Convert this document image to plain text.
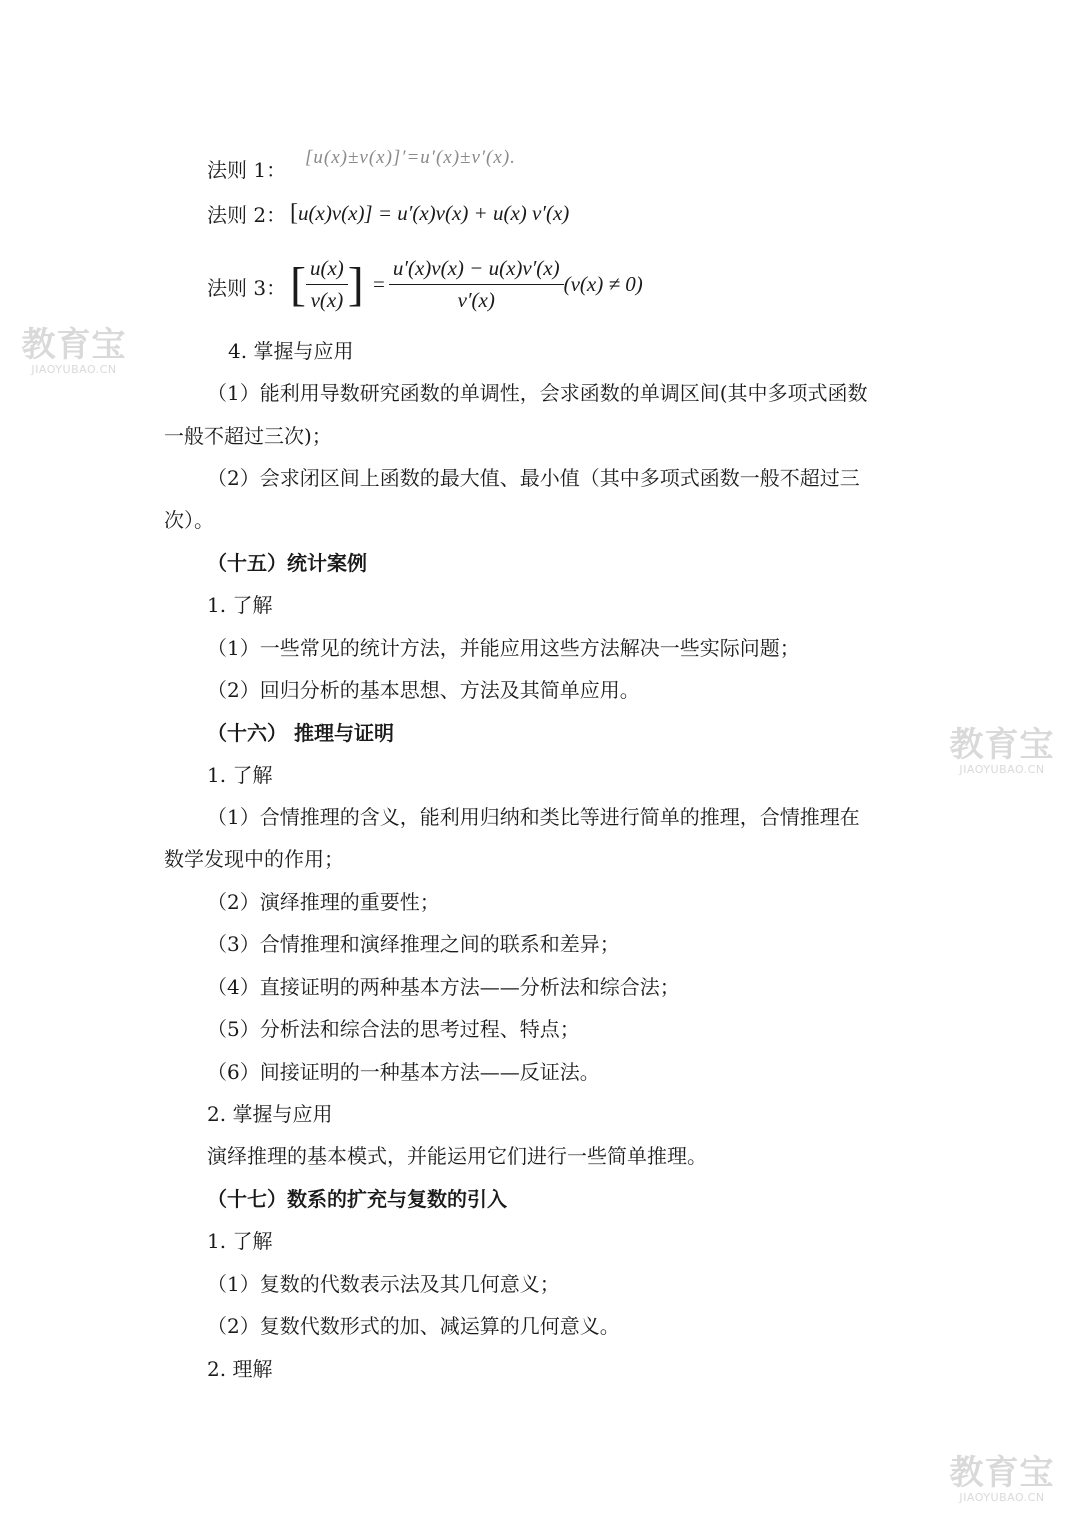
法则 1：
[u(x)±v(x)]′=u′(x)±v′(x).
法则 2： [u(x)v(x)] = u′(x)v(x) + u(x) v′(x)
法则 3： [ $\frac{u(x)}{v(x)}$ ] = $\frac{u'(x)v(x) - u(x)v'(x)}{v'(x)} (v(x) \ne 0)$
4. 掌握与应用
（1）能利用导数研究函数的单调性，会求函数的单调区间(其中多项式函数
一般不超过三次)；
（2）会求闭区间上函数的最大值、最小值（其中多项式函数一般不超过三
次）。
（十五）统计案例
1. 了解
（1）一些常见的统计方法，并能应用这些方法解决一些实际问题；
（2）回归分析的基本思想、方法及其简单应用。
（十六） 推理与证明
1. 了解
（1）合情推理的含义，能利用归纳和类比等进行简单的推理，合情推理在
数学发现中的作用；
（2）演绎推理的重要性；
（3）合情推理和演绎推理之间的联系和差异；
（4）直接证明的两种基本方法——分析法和综合法；
（5）分析法和综合法的思考过程、特点；
（6）间接证明的一种基本方法——反证法。
2. 掌握与应用
演绎推理的基本模式，并能运用它们进行一些简单推理。
（十七）数系的扩充与复数的引入
1. 了解
（1）复数的代数表示法及其几何意义；
（2）复数代数形式的加、减运算的几何意义。
2. 理解
教育宝
JIAOYUBAO.CN
教育宝
JIAOYUBAO.CN
教育宝
JIAOYUBAO.CN
